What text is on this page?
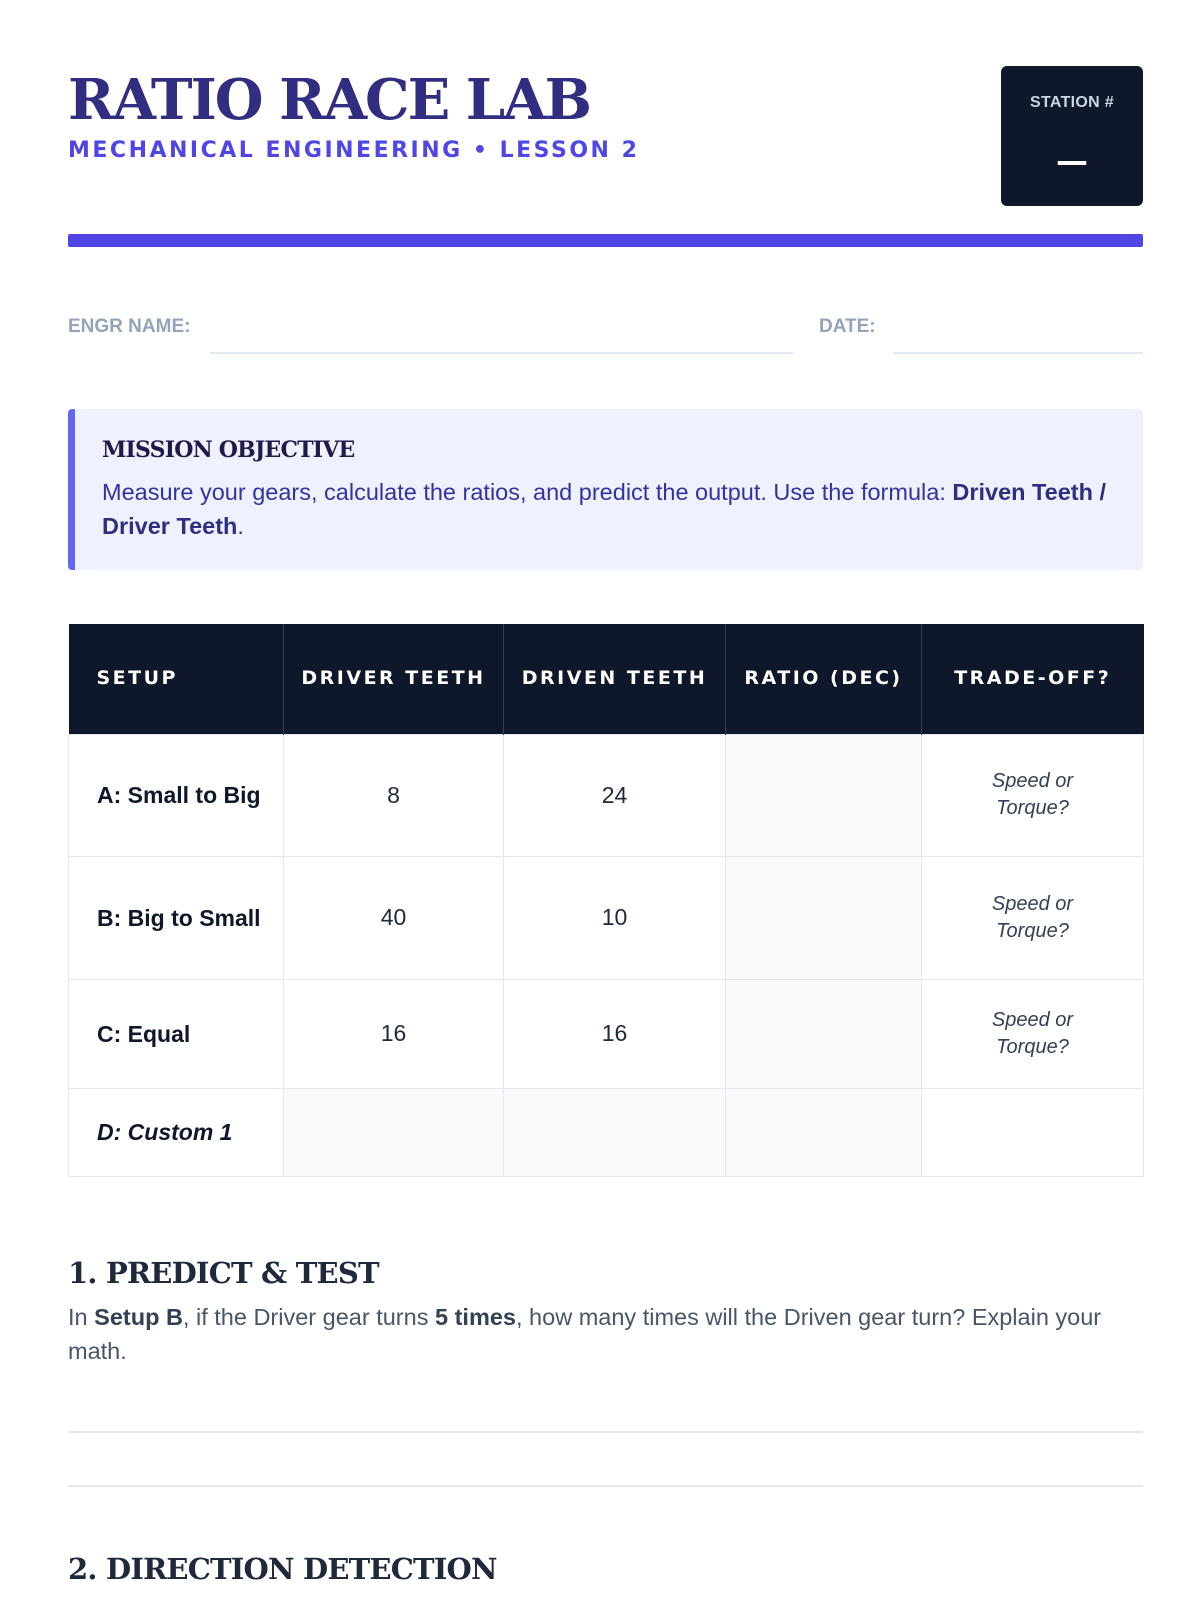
RATIO RACE LAB
MECHANICAL ENGINEERING • LESSON 2
STATION #
—
ENGR NAME:	DATE:
MISSION OBJECTIVE
Measure your gears, calculate the ratios, and predict the output. Use the formula: Driven Teeth / Driver Teeth.
SETUP	DRIVER TEETH	DRIVEN TEETH	RATIO (DEC)	TRADE-OFF?
A: Small to Big	8	24		Speed or Torque?
B: Big to Small	40	10		Speed or Torque?
C: Equal	16	16		Speed or Torque?
D: Custom 1				
1. PREDICT & TEST
In Setup B, if the Driver gear turns 5 times, how many times will the Driven gear turn? Explain your math.
2. DIRECTION DETECTION
